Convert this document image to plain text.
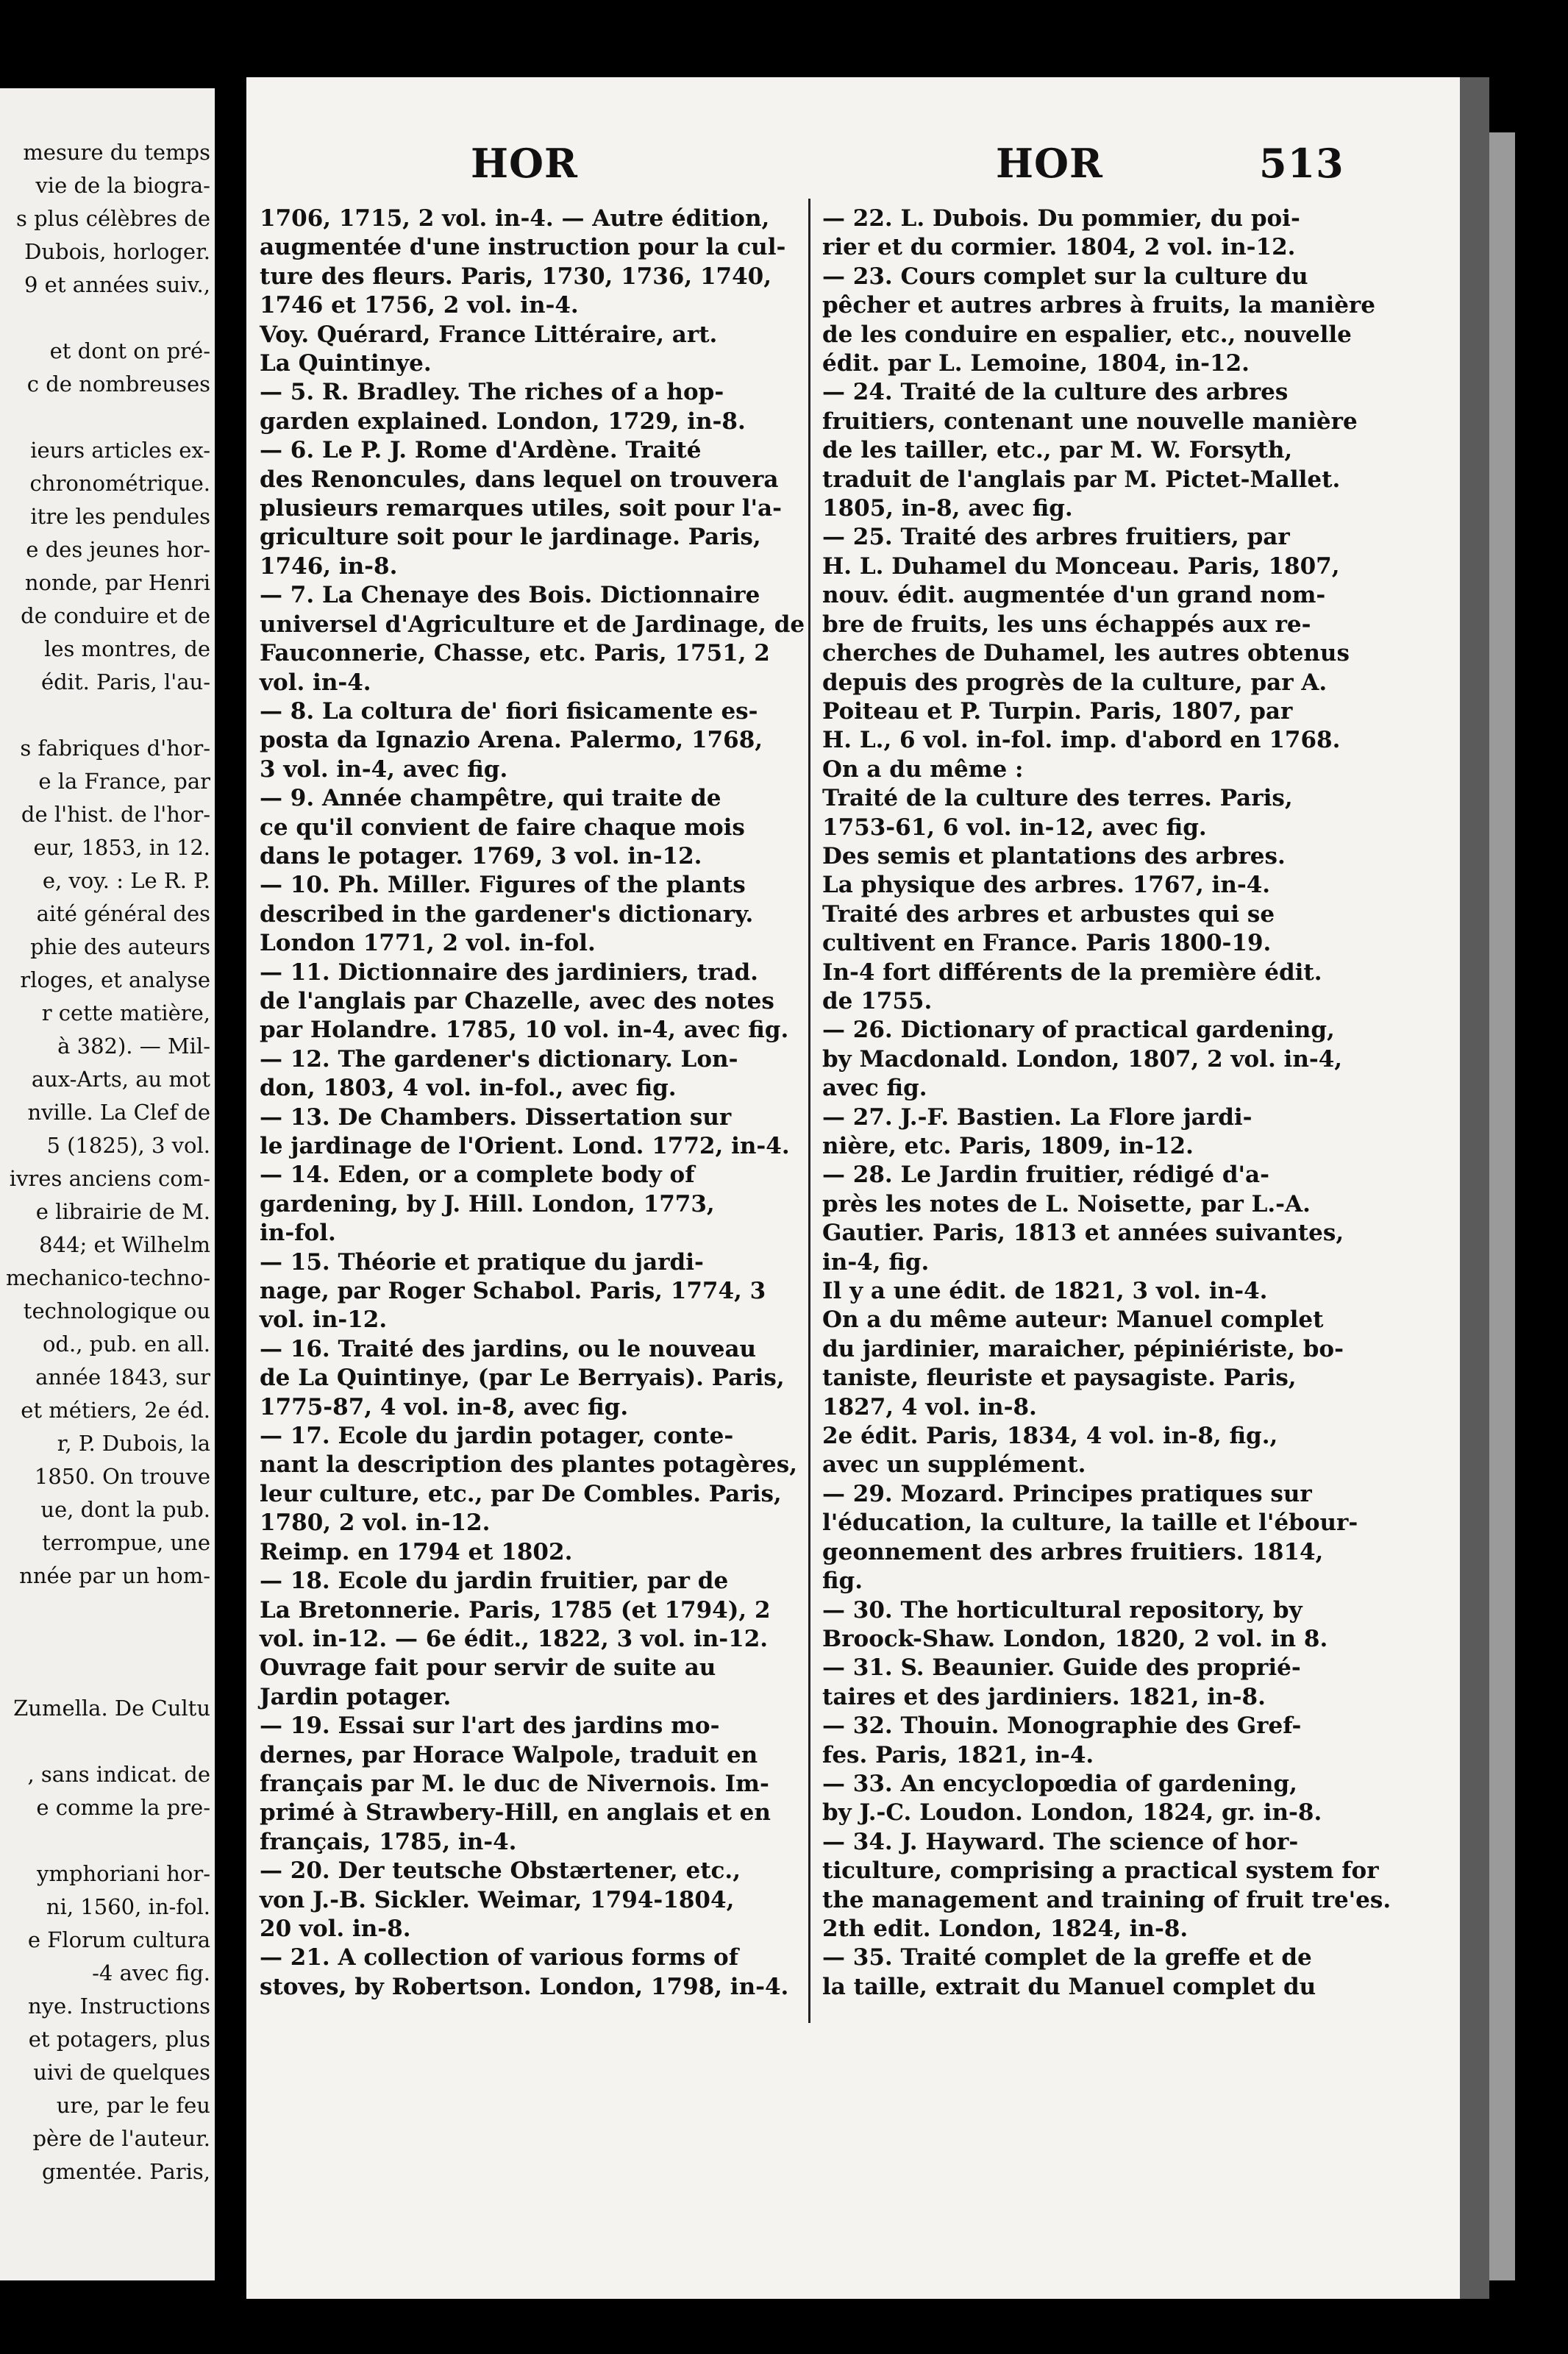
mesure du temps
vie de la biogra-
s plus célèbres de
Dubois, horloger.
9 et années suiv.,
et dont on pré-
c de nombreuses
ieurs articles ex-
chronométrique.
itre les pendules
e des jeunes hor-
nonde, par Henri
de conduire et de
les montres, de
édit. Paris, l'au-
s fabriques d'hor-
e la France, par
de l'hist. de l'hor-
eur, 1853, in 12.
e, voy. : Le R. P.
aité général des
phie des auteurs
rloges, et analyse
r cette matière,
à 382). — Mil-
aux-Arts, au mot
nville. La Clef de
5 (1825), 3 vol.
ivres anciens com-
e librairie de M.
844; et Wilhelm
mechanico-techno-
technologique ou
od., pub. en all.
année 1843, sur
et métiers, 2e éd.
r, P. Dubois, la
1850. On trouve
ue, dont la pub.
terrompue, une
nnée par un hom-
Zumella. De Cultu
, sans indicat. de
e comme la pre-
ymphoriani hor-
ni, 1560, in-fol.
e Florum cultura
-4 avec fig.
nye. Instructions
et potagers, plus
uivi de quelques
ure, par le feu
père de l'auteur.
gmentée. Paris,
HOR	HOR	513

1706, 1715, 2 vol. in-4. — Autre édition,

augmentée d'une instruction pour la cul-

ture des fleurs. Paris, 1730, 1736, 1740,

1746 et 1756, 2 vol. in-4.

Voy. Quérard, France Littéraire, art.

La Quintinye.

— 5. R. Bradley. The riches of a hop-

garden explained. London, 1729, in-8.

— 6. Le P. J. Rome d'Ardène. Traité

des Renoncules, dans lequel on trouvera

plusieurs remarques utiles, soit pour l'a-

griculture soit pour le jardinage. Paris,

1746, in-8.

— 7. La Chenaye des Bois. Dictionnaire

universel d'Agriculture et de Jardinage, de

Fauconnerie, Chasse, etc. Paris, 1751, 2

vol. in-4.

— 8. La coltura de' fiori fisicamente es-

posta da Ignazio Arena. Palermo, 1768,

3 vol. in-4, avec fig.

— 9. Année champêtre, qui traite de

ce qu'il convient de faire chaque mois

dans le potager. 1769, 3 vol. in-12.

— 10. Ph. Miller. Figures of the plants

described in the gardener's dictionary.

London 1771, 2 vol. in-fol.

— 11. Dictionnaire des jardiniers, trad.

de l'anglais par Chazelle, avec des notes

par Holandre. 1785, 10 vol. in-4, avec fig.

— 12. The gardener's dictionary. Lon-

don, 1803, 4 vol. in-fol., avec fig.

— 13. De Chambers. Dissertation sur

le jardinage de l'Orient. Lond. 1772, in-4.

— 14. Eden, or a complete body of

gardening, by J. Hill. London, 1773,

in-fol.

— 15. Théorie et pratique du jardi-

nage, par Roger Schabol. Paris, 1774, 3

vol. in-12.

— 16. Traité des jardins, ou le nouveau

de La Quintinye, (par Le Berryais). Paris,

1775-87, 4 vol. in-8, avec fig.

— 17. Ecole du jardin potager, conte-

nant la description des plantes potagères,

leur culture, etc., par De Combles. Paris,

1780, 2 vol. in-12.

Reimp. en 1794 et 1802.

— 18. Ecole du jardin fruitier, par de

La Bretonnerie. Paris, 1785 (et 1794), 2

vol. in-12. — 6e édit., 1822, 3 vol. in-12.

Ouvrage fait pour servir de suite au

Jardin potager.

— 19. Essai sur l'art des jardins mo-

dernes, par Horace Walpole, traduit en

français par M. le duc de Nivernois. Im-

primé à Strawbery-Hill, en anglais et en

français, 1785, in-4.

— 20. Der teutsche Obstærtener, etc.,

von J.-B. Sickler. Weimar, 1794-1804,

20 vol. in-8.

— 21. A collection of various forms of

stoves, by Robertson. London, 1798, in-4.

— 22. L. Dubois. Du pommier, du poi-

rier et du cormier. 1804, 2 vol. in-12.

— 23. Cours complet sur la culture du

pêcher et autres arbres à fruits, la manière

de les conduire en espalier, etc., nouvelle

édit. par L. Lemoine, 1804, in-12.

— 24. Traité de la culture des arbres

fruitiers, contenant une nouvelle manière

de les tailler, etc., par M. W. Forsyth,

traduit de l'anglais par M. Pictet-Mallet.

1805, in-8, avec fig.

— 25. Traité des arbres fruitiers, par

H. L. Duhamel du Monceau. Paris, 1807,

nouv. édit. augmentée d'un grand nom-

bre de fruits, les uns échappés aux re-

cherches de Duhamel, les autres obtenus

depuis des progrès de la culture, par A.

Poiteau et P. Turpin. Paris, 1807, par

H. L., 6 vol. in-fol. imp. d'abord en 1768.

On a du même :

Traité de la culture des terres. Paris,

1753-61, 6 vol. in-12, avec fig.

Des semis et plantations des arbres.

La physique des arbres. 1767, in-4.

Traité des arbres et arbustes qui se

cultivent en France. Paris 1800-19.

In-4 fort différents de la première édit.

de 1755.

— 26. Dictionary of practical gardening,

by Macdonald. London, 1807, 2 vol. in-4,

avec fig.

— 27. J.-F. Bastien. La Flore jardi-

nière, etc. Paris, 1809, in-12.

— 28. Le Jardin fruitier, rédigé d'a-

près les notes de L. Noisette, par L.-A.

Gautier. Paris, 1813 et années suivantes,

in-4, fig.

Il y a une édit. de 1821, 3 vol. in-4.

On a du même auteur: Manuel complet

du jardinier, maraicher, pépiniériste, bo-

taniste, fleuriste et paysagiste. Paris,

1827, 4 vol. in-8.

2e édit. Paris, 1834, 4 vol. in-8, fig.,

avec un supplément.

— 29. Mozard. Principes pratiques sur

l'éducation, la culture, la taille et l'ébour-

geonnement des arbres fruitiers. 1814,

fig.

— 30. The horticultural repository, by

Broock-Shaw. London, 1820, 2 vol. in 8.

— 31. S. Beaunier. Guide des proprié-

taires et des jardiniers. 1821, in-8.

— 32. Thouin. Monographie des Gref-

fes. Paris, 1821, in-4.

— 33. An encyclopœdia of gardening,

by J.-C. Loudon. London, 1824, gr. in-8.

— 34. J. Hayward. The science of hor-

ticulture, comprising a practical system for

the management and training of fruit tre'es.

2th edit. London, 1824, in-8.

— 35. Traité complet de la greffe et de

la taille, extrait du Manuel complet du
